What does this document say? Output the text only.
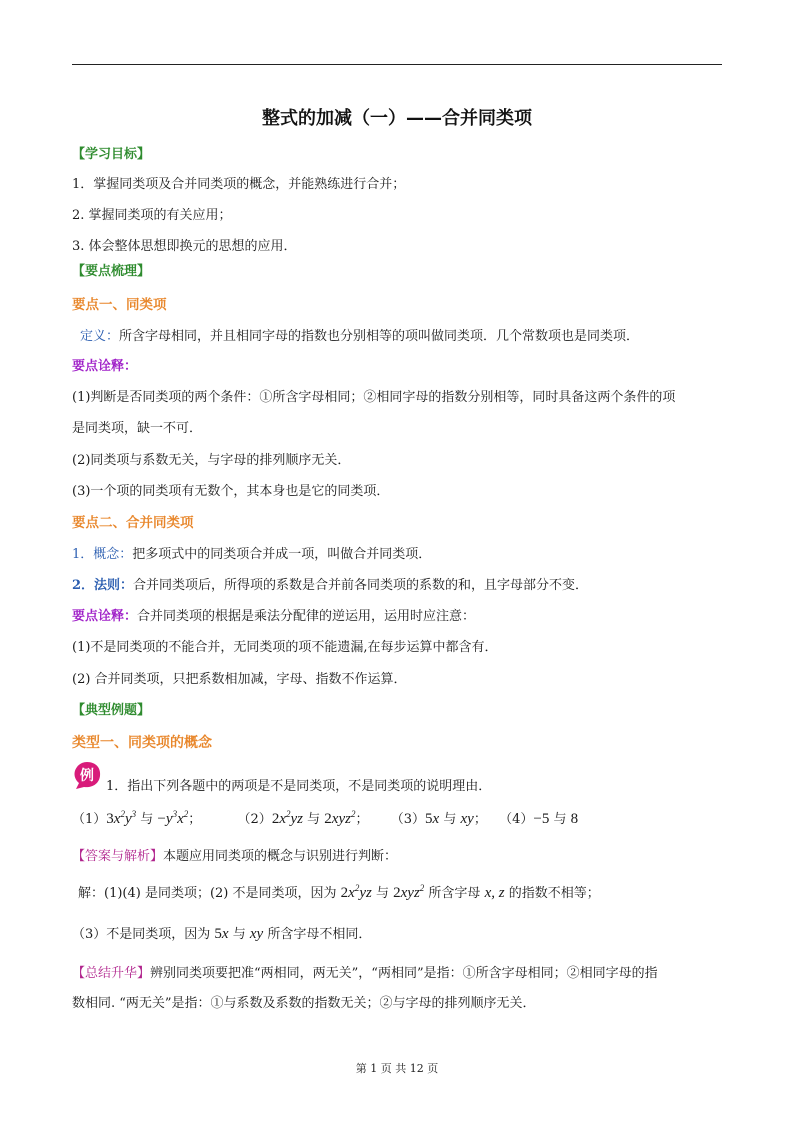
整式的加减（一）——合并同类项
【学习目标】
1．掌握同类项及合并同类项的概念，并能熟练进行合并；
2. 掌握同类项的有关应用；
3. 体会整体思想即换元的思想的应用．
【要点梳理】
要点一、同类项
定义：所含字母相同，并且相同字母的指数也分别相等的项叫做同类项．几个常数项也是同类项．
要点诠释：
(1)判断是否同类项的两个条件：①所含字母相同；②相同字母的指数分别相等，同时具备这两个条件的项
是同类项，缺一不可．
(2)同类项与系数无关，与字母的排列顺序无关．
(3)一个项的同类项有无数个，其本身也是它的同类项．
要点二、合并同类项
1．概念：把多项式中的同类项合并成一项，叫做合并同类项．
2．法则：合并同类项后，所得项的系数是合并前各同类项的系数的和，且字母部分不变．
要点诠释：合并同类项的根据是乘法分配律的逆运用，运用时应注意：
(1)不是同类项的不能合并，无同类项的项不能遗漏,在每步运算中都含有．
(2) 合并同类项，只把系数相加减，字母、指数不作运算．
【典型例题】
类型一、同类项的概念
例
1．指出下列各题中的两项是不是同类项，不是同类项的说明理由．
$(1)3x^2y^3$ 与 $-y^3x^2$；	$(2)2x^2yz$ 与 2xyz$^2$； （3）5x 与 xy； （4）−5 与 8
【答案与解析】本题应用同类项的概念与识别进行判断：
解：(1)(4) 是同类项；(2) 不是同类项，因为 $2x^2yz$ 与 2xyz$^2$ 所含字母 x, z 的指数不相等；
（3）不是同类项，因为 5x 与 xy 所含字母不相同．
【总结升华】辨别同类项要把准“两相同，两无关”，“两相同”是指：①所含字母相同；②相同字母的指
数相同. “两无关”是指：①与系数及系数的指数无关；②与字母的排列顺序无关．
第 1 页 共 12 页
